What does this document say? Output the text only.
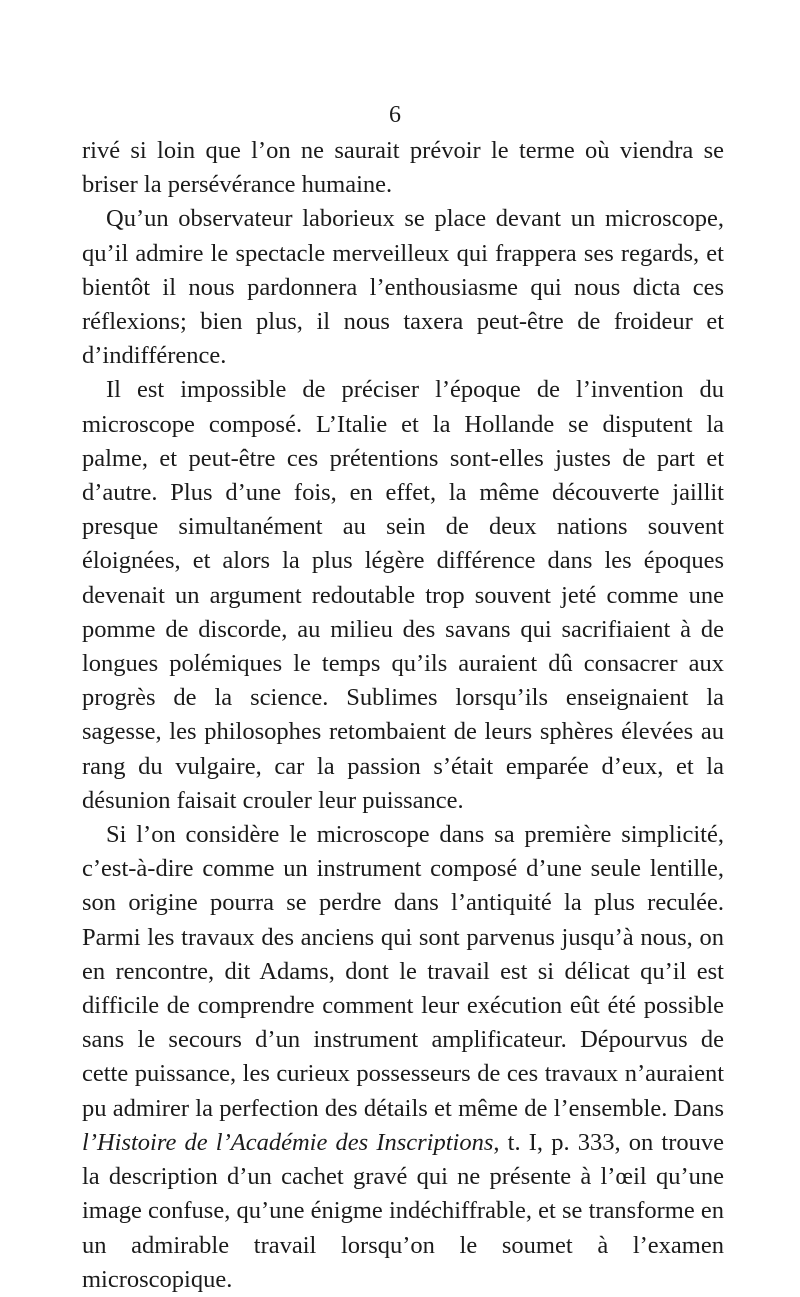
6

rivé si loin que l’on ne saurait prévoir le terme où viendra se briser la persévérance humaine.

Qu’un observateur laborieux se place devant un microscope, qu’il admire le spectacle merveilleux qui frappera ses regards, et bientôt il nous pardonnera l’enthousiasme qui nous dicta ces réflexions; bien plus, il nous taxera peut-être de froideur et d’indifférence.

Il est impossible de préciser l’époque de l’invention du microscope composé. L’Italie et la Hollande se disputent la palme, et peut-être ces prétentions sont-elles justes de part et d’autre. Plus d’une fois, en effet, la même découverte jaillit presque simultanément au sein de deux nations souvent éloignées, et alors la plus légère différence dans les époques devenait un argument redoutable trop souvent jeté comme une pomme de discorde, au milieu des savans qui sacrifiaient à de longues polémiques le temps qu’ils auraient dû consacrer aux progrès de la science. Sublimes lorsqu’ils enseignaient la sagesse, les philosophes retombaient de leurs sphères élevées au rang du vulgaire, car la passion s’était emparée d’eux, et la désunion faisait crouler leur puissance.

Si l’on considère le microscope dans sa première simplicité, c’est-à-dire comme un instrument composé d’une seule lentille, son origine pourra se perdre dans l’antiquité la plus reculée. Parmi les travaux des anciens qui sont parvenus jusqu’à nous, on en rencontre, dit Adams, dont le travail est si délicat qu’il est difficile de comprendre comment leur exécution eût été possible sans le secours d’un instrument amplificateur. Dépourvus de cette puissance, les curieux possesseurs de ces travaux n’auraient pu admirer la perfection des détails et même de l’ensemble. Dans l’Histoire de l’Académie des Inscriptions, t. I, p. 333, on trouve la description d’un cachet gravé qui ne présente à l’œil qu’une image confuse, qu’une énigme indéchiffrable, et se transforme en un admirable travail lorsqu’on le soumet à l’examen microscopique.
